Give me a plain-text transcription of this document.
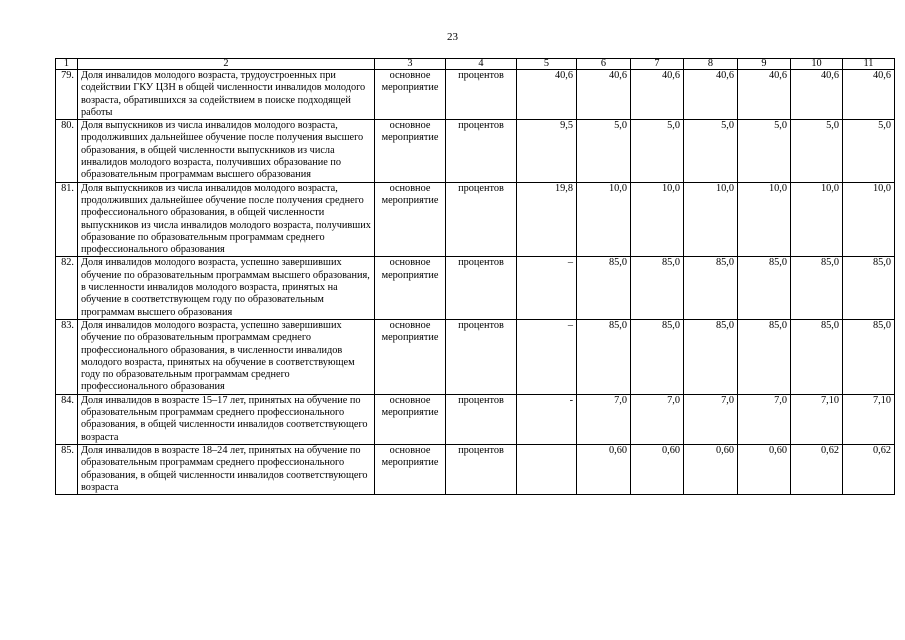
23
1	2	3	4	5	6	7	8	9	10	11
79.	Доля инвалидов молодого возраста, трудоустроенных при содействии ГКУ ЦЗН в общей численности инвалидов молодого возраста, обратившихся за содействием в поиске подходящей работы	основное мероприятие	процентов	40,6	40,6	40,6	40,6	40,6	40,6	40,6
80.	Доля выпускников из числа инвалидов молодого возраста, продолживших дальнейшее обучение после получения высшего образования, в общей численности выпускников из числа инвалидов молодого возраста, получивших образование по образовательным программам высшего образования	основное мероприятие	процентов	9,5	5,0	5,0	5,0	5,0	5,0	5,0
81.	Доля выпускников из числа инвалидов молодого возраста, продолживших дальнейшее обучение после получения среднего профессионального образования, в общей численности выпускников из числа инвалидов молодого возраста, получивших образование по образовательным программам среднего профессионального образования	основное мероприятие	процентов	19,8	10,0	10,0	10,0	10,0	10,0	10,0
82.	Доля инвалидов молодого возраста, успешно завершивших обучение по образовательным программам высшего образования, в численности инвалидов молодого возраста, принятых на обучение в соответствующем году по образовательным программам высшего образования	основное мероприятие	процентов	–	85,0	85,0	85,0	85,0	85,0	85,0
83.	Доля инвалидов молодого возраста, успешно завершивших обучение по образовательным программам среднего профессионального образования, в численности инвалидов молодого возраста, принятых на обучение в соответствующем году по образовательным программам среднего профессионального образования	основное мероприятие	процентов	–	85,0	85,0	85,0	85,0	85,0	85,0
84.	Доля инвалидов в возрасте 15–17 лет, принятых на обучение по образовательным программам среднего профессионального образования, в общей численности инвалидов соответствующего возраста	основное мероприятие	процентов	-	7,0	7,0	7,0	7,0	7,10	7,10
85.	Доля инвалидов в возрасте 18–24 лет, принятых на обучение по образовательным программам среднего профессионального образования, в общей численности инвалидов соответствующего возраста	основное мероприятие	процентов		0,60	0,60	0,60	0,60	0,62	0,62
